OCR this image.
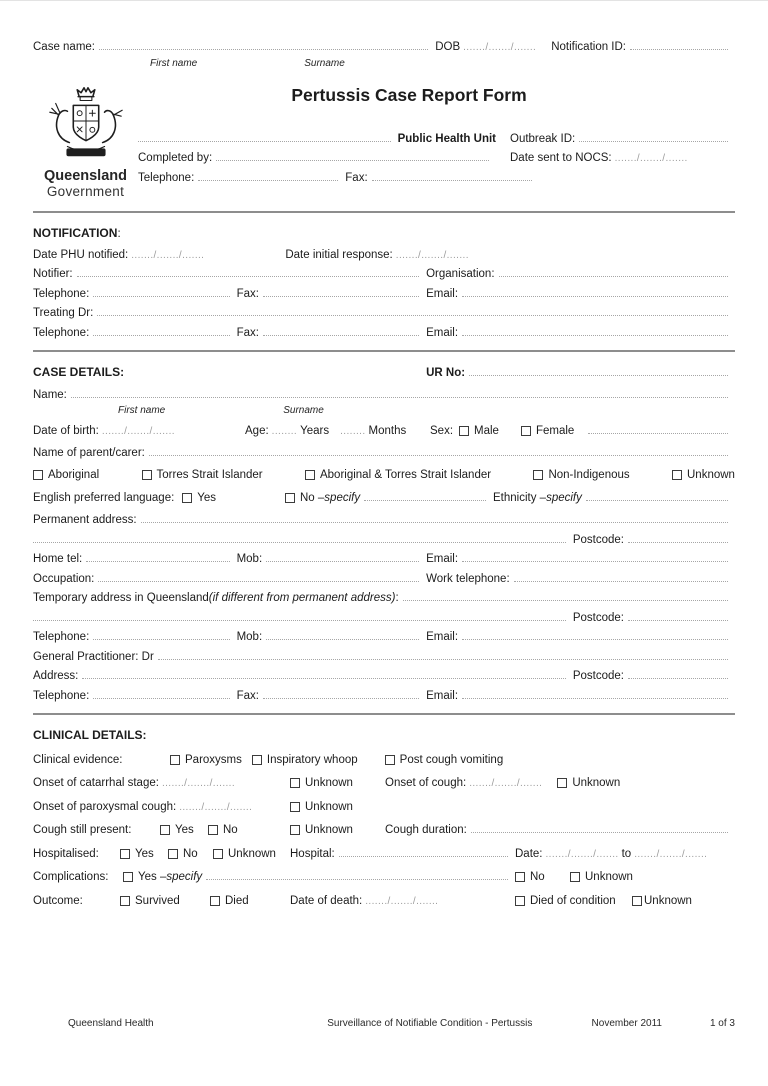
Case name:	DOB ......./......./....... Notification ID:
First name	Surname
Queensland
Government
Pertussis Case Report Form
Public Health Unit Outbreak ID:
Completed by:	Date sent to NOCS: ......./......./.......
Telephone:	Fax:
NOTIFICATION :
Date PHU notified: ......./......./.......	Date initial response: ......./......./.......
Notifier:	Organisation:
Telephone:	Fax:	Email:
Treating Dr:
Telephone:	Fax:	Email:
CASE DETAILS:	UR No:
Name:
First name	Surname
Date of birth: ......./......./.......	Age: ........ Years	........ Months Sex: Male	Female
Name of parent/carer:
Aboriginal	Torres Strait Islander	Aboriginal & Torres Strait Islander	Non-Indigenous	Unknown
English preferred language: Yes	No – specify	Ethnicity – specify
Permanent address:
Postcode:
Home tel:	Mob:	Email:
Occupation:	Work telephone:
Temporary address in Queensland (if different from permanent address) :
Postcode:
Telephone:	Mob:	Email:
General Practitioner: Dr
Address:	Postcode:
Telephone:	Fax:	Email:
CLINICAL DETAILS:
Clinical evidence:	Paroxysms Inspiratory whoop	Post cough vomiting
Onset of catarrhal stage: ......./......./.......	Unknown	Onset of cough: ......./......./.......	Unknown
Onset of paroxysmal cough: ......./......./.......	Unknown
Cough still present:	Yes	No	Unknown	Cough duration:
Hospitalised:	Yes	No	Unknown Hospital:	Date: ......./......./....... to ......./......./.......
Complications:	Yes – specify	No	Unknown
Outcome:	Survived	Died	Date of death: ......./......./.......	Died of condition Unknown
Queensland Health	Surveillance of Notifiable Condition - Pertussis	November 2011	1 of 3
